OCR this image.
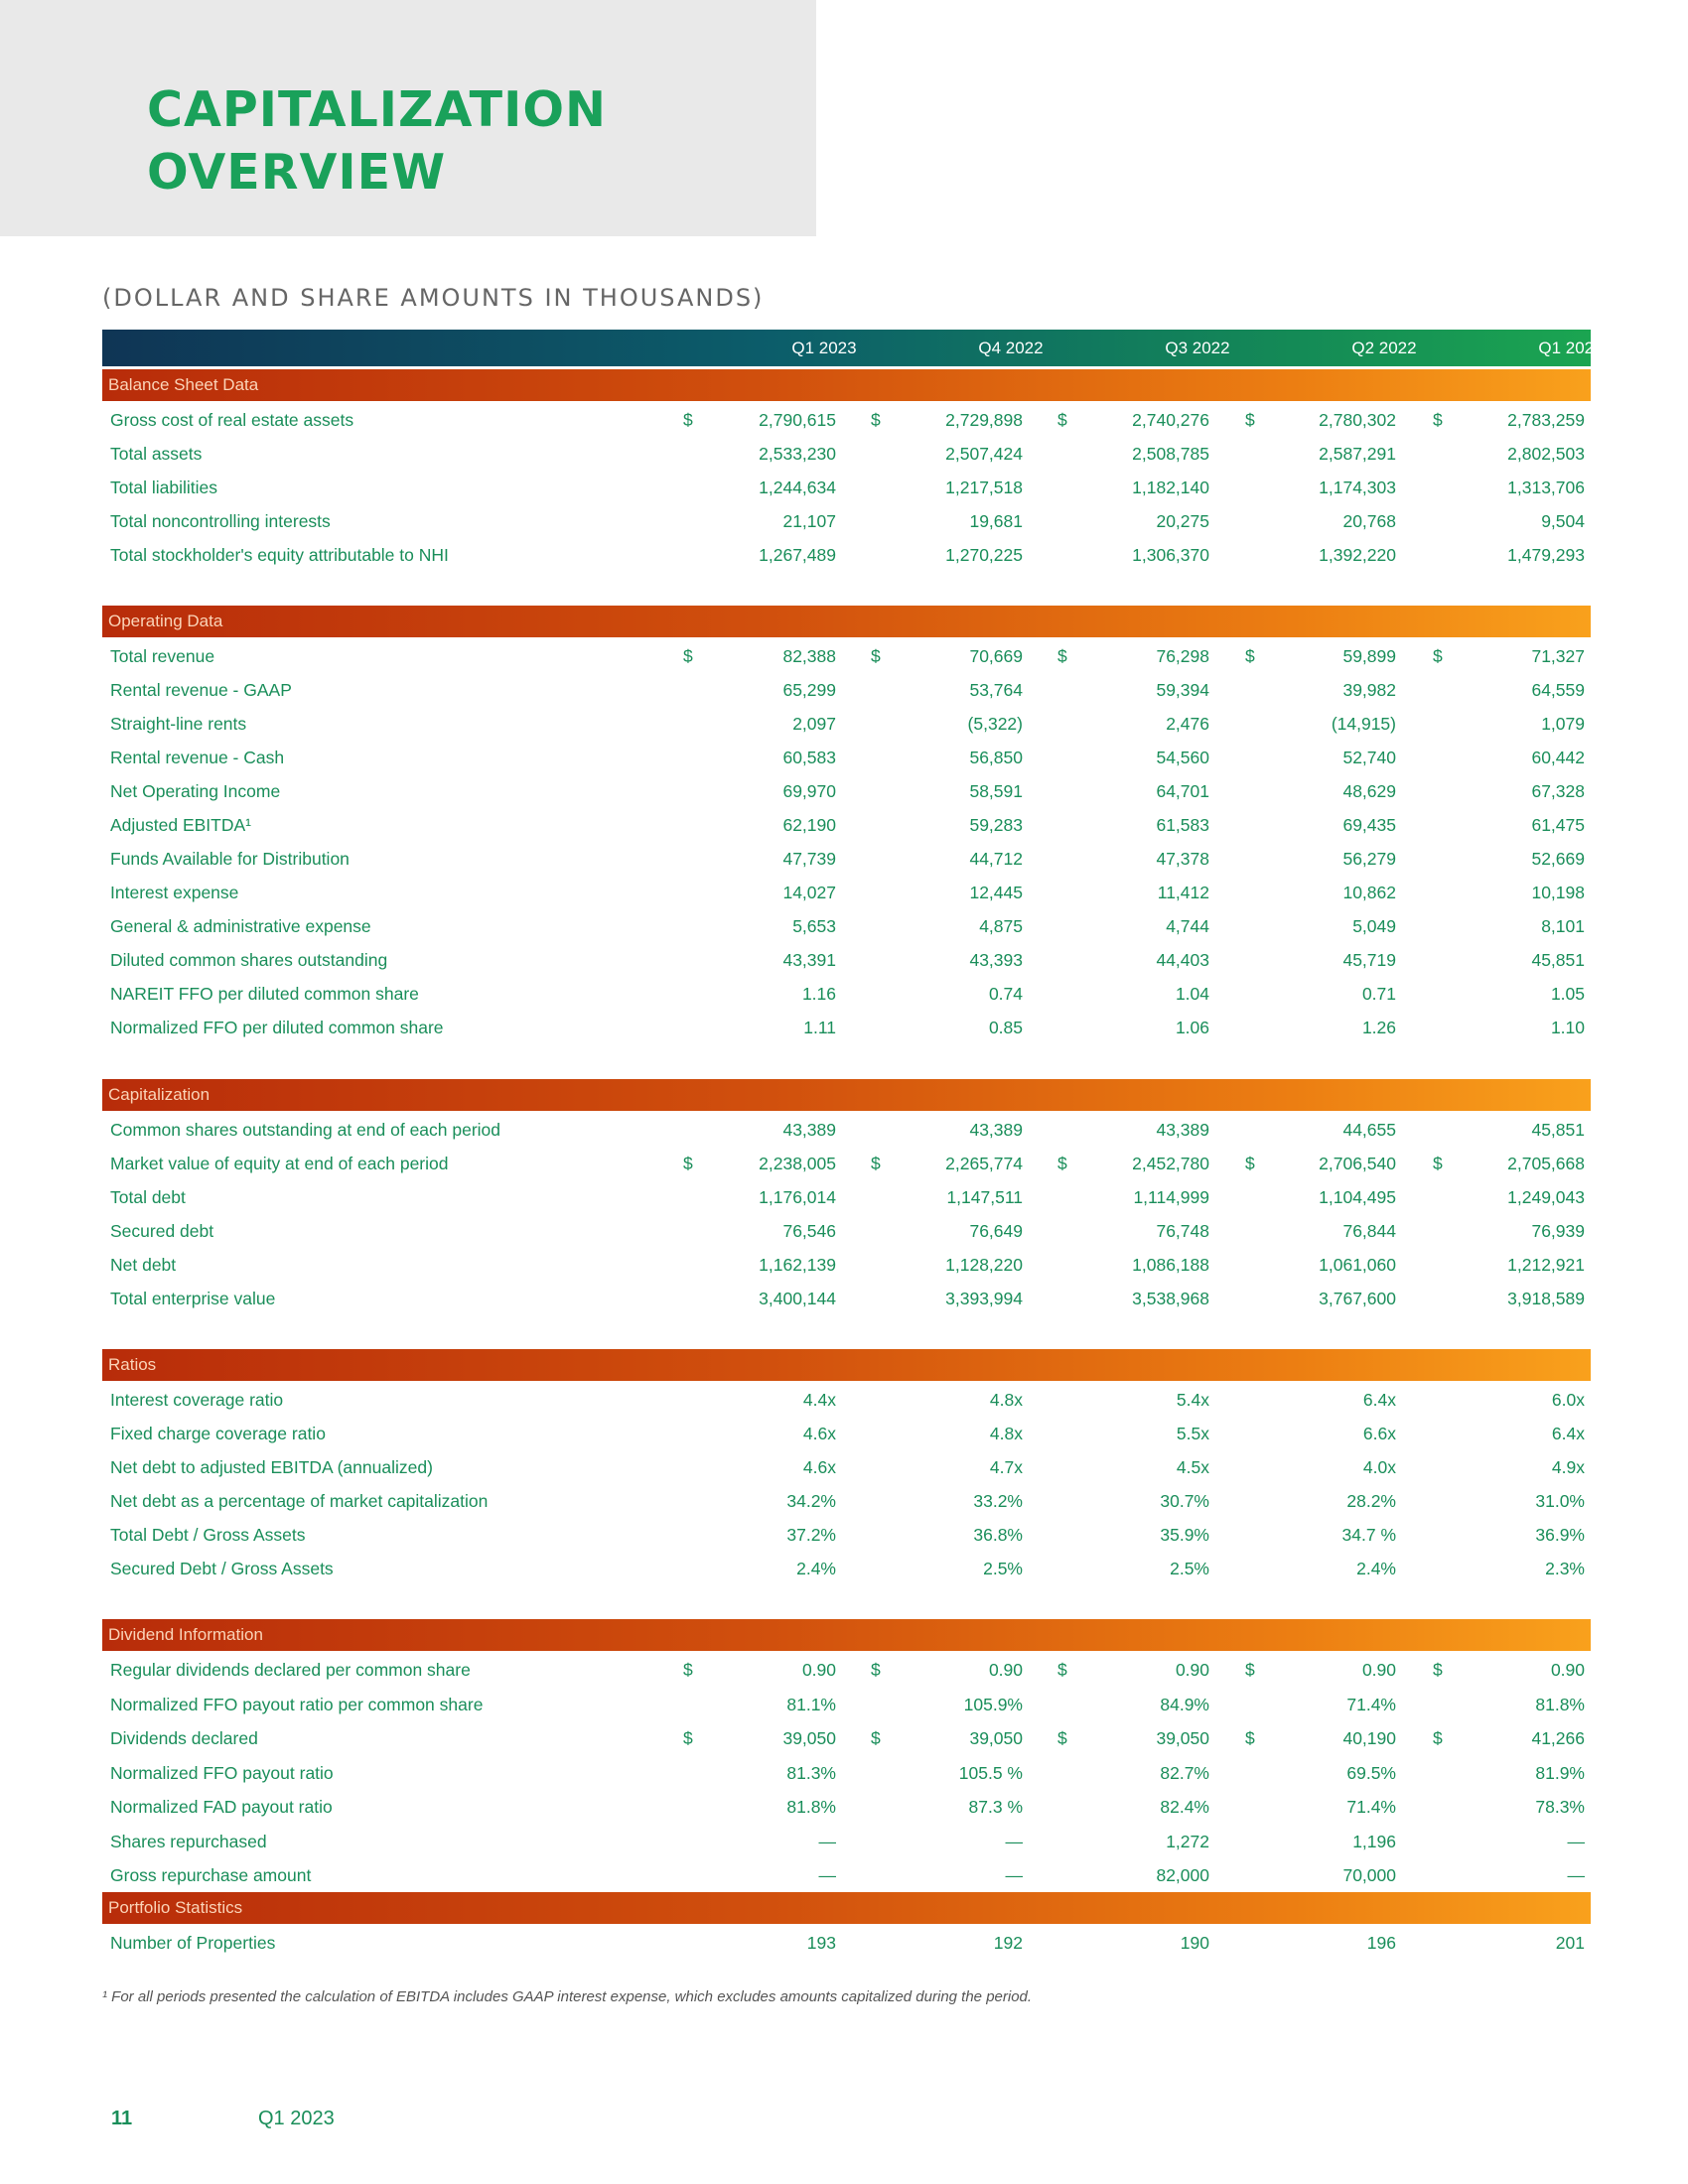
CAPITALIZATION
OVERVIEW
(DOLLAR AND SHARE AMOUNTS IN THOUSANDS)
Q1 2023	Q4 2022	Q3 2022	Q2 2022	Q1 2022
Balance Sheet Data
Gross cost of real estate assets	$	2,790,615 $	2,729,898 $	2,740,276 $	2,780,302 $	2,783,259
Total assets	2,533,230	2,507,424	2,508,785	2,587,291	2,802,503
Total liabilities	1,244,634	1,217,518	1,182,140	1,174,303	1,313,706
Total noncontrolling interests	21,107	19,681	20,275	20,768	9,504
Total stockholder's equity attributable to NHI	1,267,489	1,270,225	1,306,370	1,392,220	1,479,293
Operating Data
Total revenue	$	82,388 $	70,669 $	76,298 $	59,899 $	71,327
Rental revenue - GAAP	65,299	53,764	59,394	39,982	64,559
Straight-line rents	2,097	(5,322)	2,476	(14,915)	1,079
Rental revenue - Cash	60,583	56,850	54,560	52,740	60,442
Net Operating Income	69,970	58,591	64,701	48,629	67,328
Adjusted EBITDA¹	62,190	59,283	61,583	69,435	61,475
Funds Available for Distribution	47,739	44,712	47,378	56,279	52,669
Interest expense	14,027	12,445	11,412	10,862	10,198
General & administrative expense	5,653	4,875	4,744	5,049	8,101
Diluted common shares outstanding	43,391	43,393	44,403	45,719	45,851
NAREIT FFO per diluted common share	1.16	0.74	1.04	0.71	1.05
Normalized FFO per diluted common share	1.11	0.85	1.06	1.26	1.10
Capitalization
Common shares outstanding at end of each period	43,389	43,389	43,389	44,655	45,851
Market value of equity at end of each period	$	2,238,005 $	2,265,774 $	2,452,780 $	2,706,540 $	2,705,668
Total debt	1,176,014	1,147,511	1,114,999	1,104,495	1,249,043
Secured debt	76,546	76,649	76,748	76,844	76,939
Net debt	1,162,139	1,128,220	1,086,188	1,061,060	1,212,921
Total enterprise value	3,400,144	3,393,994	3,538,968	3,767,600	3,918,589
Ratios
Interest coverage ratio	4.4x	4.8x	5.4x	6.4x	6.0x
Fixed charge coverage ratio	4.6x	4.8x	5.5x	6.6x	6.4x
Net debt to adjusted EBITDA (annualized)	4.6x	4.7x	4.5x	4.0x	4.9x
Net debt as a percentage of market capitalization	34.2%	33.2%	30.7%	28.2%	31.0%
Total Debt / Gross Assets	37.2%	36.8%	35.9%	34.7 %	36.9%
Secured Debt / Gross Assets	2.4%	2.5%	2.5%	2.4%	2.3%
Dividend Information
Regular dividends declared per common share	$	0.90 $	0.90 $	0.90 $	0.90 $	0.90
Normalized FFO payout ratio per common share	81.1%	105.9%	84.9%	71.4%	81.8%
Dividends declared	$	39,050 $	39,050 $	39,050 $	40,190 $	41,266
Normalized FFO payout ratio	81.3%	105.5 %	82.7%	69.5%	81.9%
Normalized FAD payout ratio	81.8%	87.3 %	82.4%	71.4%	78.3%
Shares repurchased	—	—	1,272	1,196	—
Gross repurchase amount	—	—	82,000	70,000	—
Portfolio Statistics
Number of Properties	193	192	190	196	201
¹ For all periods presented the calculation of EBITDA includes GAAP interest expense, which excludes amounts capitalized during the period.
11	Q1 2023
